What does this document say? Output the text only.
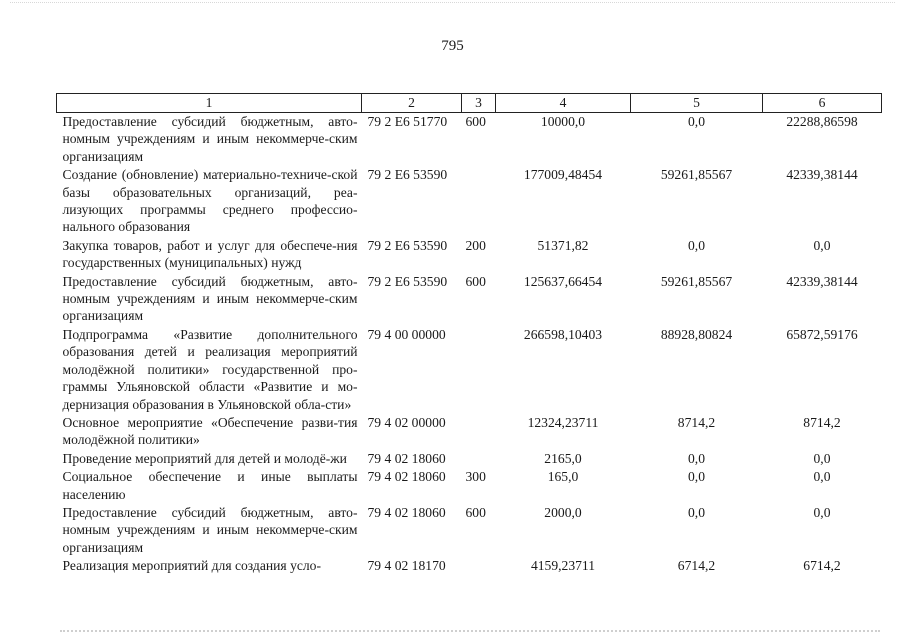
795
1	2	3	4	5	6
Предоставление субсидий бюджетным, авто-номным учреждениям и иным некоммерче-ским организациям	79 2 Е6 51770	600	10000,0	0,0	22288,86598
Создание (обновление) материально-техниче-ской базы образовательных организаций, реа-лизующих программы среднего профессио-нального образования	79 2 Е6 53590		177009,48454	59261,85567	42339,38144
Закупка товаров, работ и услуг для обеспече-ния государственных (муниципальных) нужд	79 2 Е6 53590	200	51371,82	0,0	0,0
Предоставление субсидий бюджетным, авто-номным учреждениям и иным некоммерче-ским организациям	79 2 Е6 53590	600	125637,66454	59261,85567	42339,38144
Подпрограмма «Развитие дополнительного образования детей и реализация мероприятий молодёжной политики» государственной про-граммы Ульяновской области «Развитие и мо-дернизация образования в Ульяновской обла-сти»	79 4 00 00000		266598,10403	88928,80824	65872,59176
Основное мероприятие «Обеспечение разви-тия молодёжной политики»	79 4 02 00000		12324,23711	8714,2	8714,2
Проведение мероприятий для детей и молодё-жи	79 4 02 18060		2165,0	0,0	0,0
Социальное обеспечение и иные выплаты населению	79 4 02 18060	300	165,0	0,0	0,0
Предоставление субсидий бюджетным, авто-номным учреждениям и иным некоммерче-ским организациям	79 4 02 18060	600	2000,0	0,0	0,0
Реализация мероприятий для создания усло-	79 4 02 18170		4159,23711	6714,2	6714,2
